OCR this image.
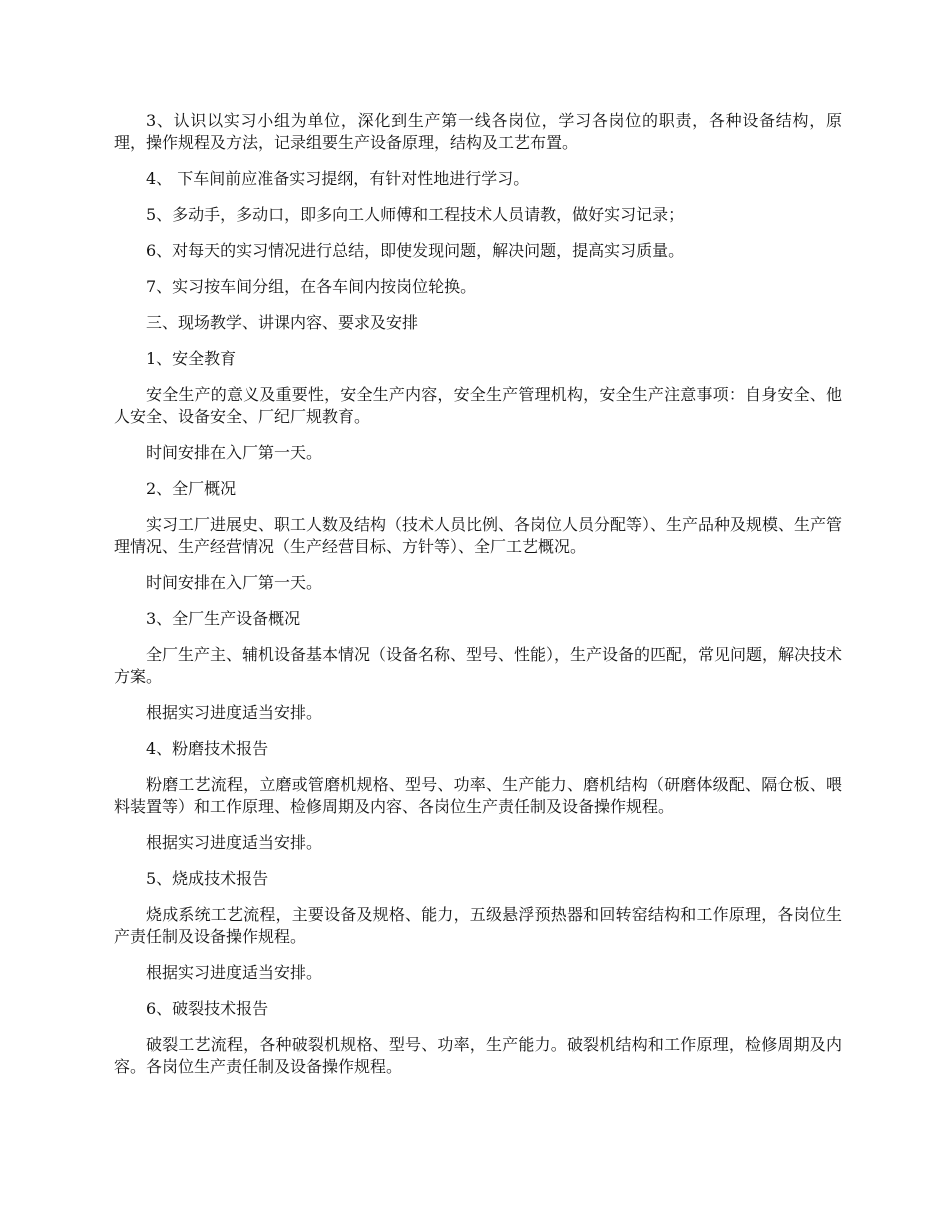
3、认识以实习小组为单位，深化到生产第一线各岗位，学习各岗位的职责，各种设备结构，原理，操作规程及方法，记录组要生产设备原理，结构及工艺布置。

4、 下车间前应准备实习提纲，有针对性地进行学习。

5、多动手，多动口，即多向工人师傅和工程技术人员请教，做好实习记录；

6、对每天的实习情况进行总结，即使发现问题，解决问题，提高实习质量。

7、实习按车间分组，在各车间内按岗位轮换。

三、现场教学、讲课内容、要求及安排

1、安全教育

安全生产的意义及重要性，安全生产内容，安全生产管理机构，安全生产注意事项：自身安全、他人安全、设备安全、厂纪厂规教育。

时间安排在入厂第一天。

2、全厂概况

实习工厂进展史、职工人数及结构（技术人员比例、各岗位人员分配等）、生产品种及规模、生产管理情况、生产经营情况（生产经营目标、方针等）、全厂工艺概况。

时间安排在入厂第一天。

3、全厂生产设备概况

全厂生产主、辅机设备基本情况（设备名称、型号、性能），生产设备的匹配，常见问题，解决技术方案。

根据实习进度适当安排。

4、粉磨技术报告

粉磨工艺流程，立磨或管磨机规格、型号、功率、生产能力、磨机结构（研磨体级配、隔仓板、喂料装置等）和工作原理、检修周期及内容、各岗位生产责任制及设备操作规程。

根据实习进度适当安排。

5、烧成技术报告

烧成系统工艺流程，主要设备及规格、能力，五级悬浮预热器和回转窑结构和工作原理，各岗位生产责任制及设备操作规程。

根据实习进度适当安排。

6、破裂技术报告

破裂工艺流程，各种破裂机规格、型号、功率，生产能力。破裂机结构和工作原理，检修周期及内容。各岗位生产责任制及设备操作规程。
